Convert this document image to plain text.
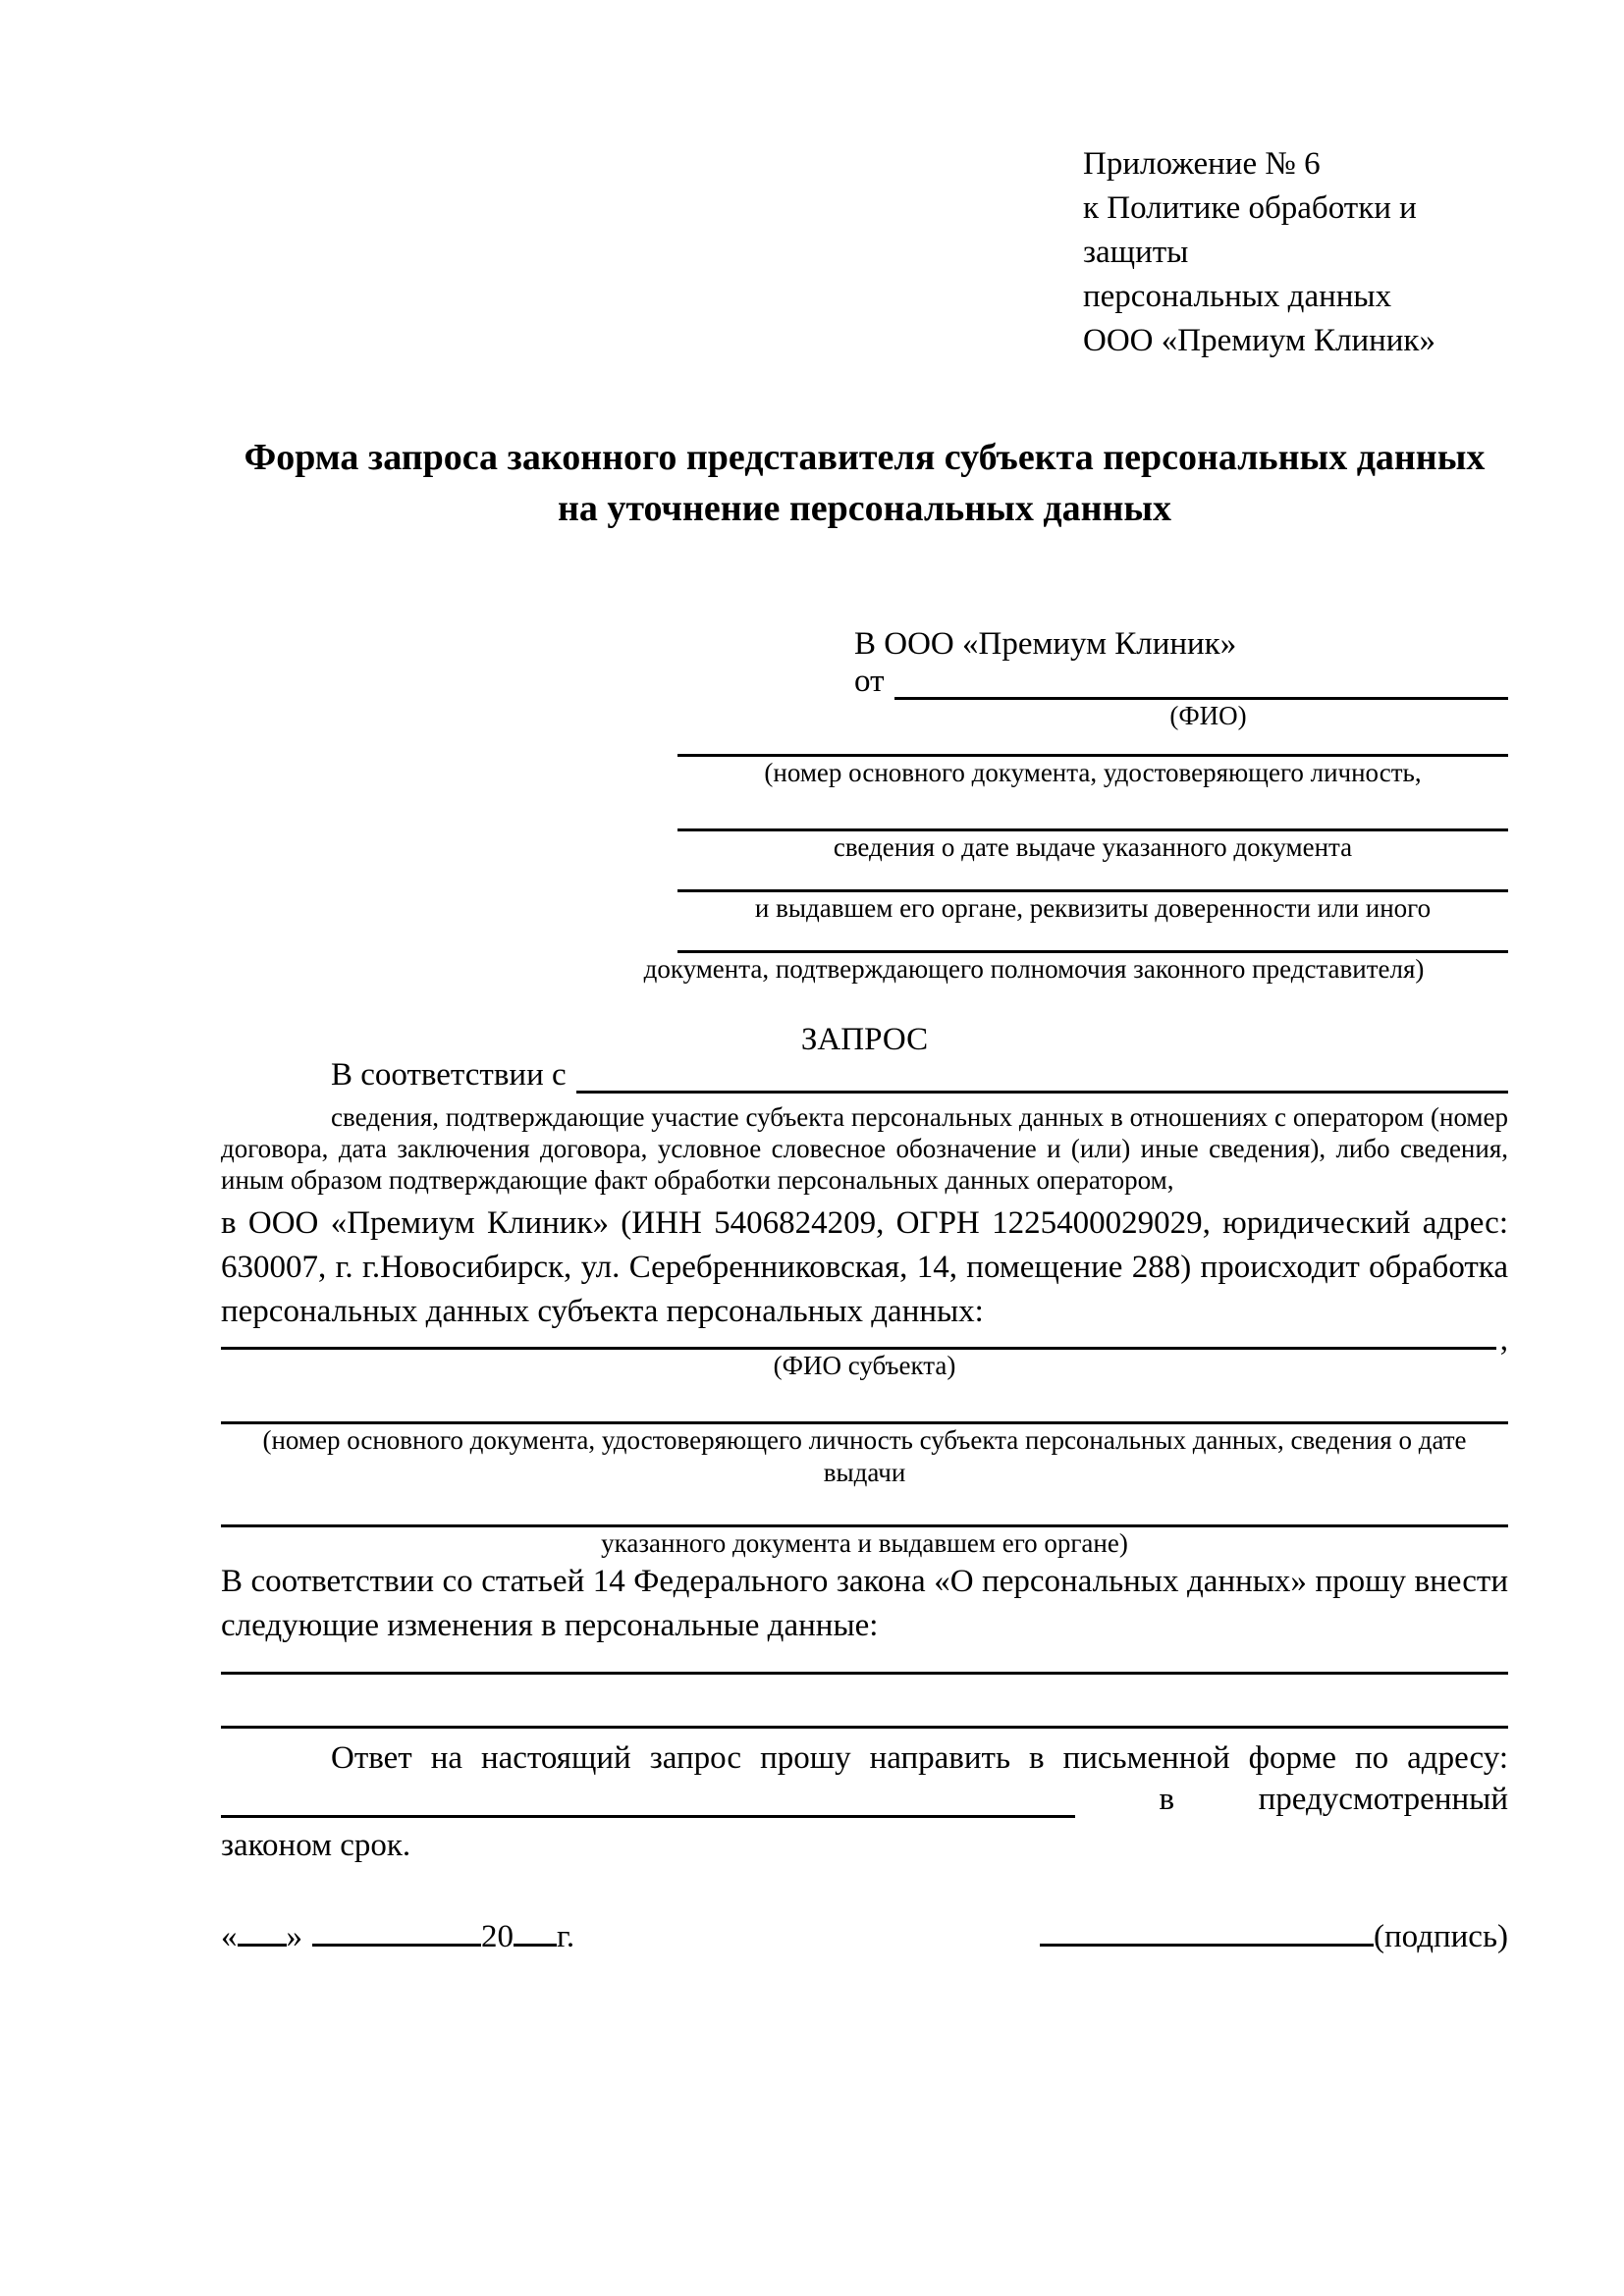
Приложение № 6
к Политике обработки и защиты
персональных данных
ООО «Премиум Клиник»
Форма запроса законного представителя субъекта персональных данных
на уточнение персональных данных
В ООО «Премиум Клиник»
от
(ФИО)
(номер основного документа, удостоверяющего личность,
сведения о дате выдаче указанного документа
и выдавшем его органе, реквизиты доверенности или иного
документа, подтверждающего полномочия законного представителя)
ЗАПРОС
В соответствии с
сведения, подтверждающие участие субъекта персональных данных в отношениях с оператором (номер договора, дата заключения договора, условное словесное обозначение и (или) иные сведения), либо сведения, иным образом подтверждающие факт обработки персональных данных оператором,
в ООО «Премиум Клиник» (ИНН 5406824209, ОГРН 1225400029029, юридический адрес: 630007, г. г.Новосибирск, ул. Серебренниковская, 14, помещение 288) происходит обработка персональных данных субъекта персональных данных:
,
(ФИО субъекта)
(номер основного документа, удостоверяющего личность субъекта персональных данных, сведения о дате выдачи
указанного документа и выдавшем его органе)
В соответствии со статьей 14 Федерального закона «О персональных данных» прошу внести следующие изменения в персональные данные:
Ответ на настоящий запрос прошу направить в письменной форме по адресу:
в	предусмотренный
законом срок.
« »	20 г.	(подпись)
